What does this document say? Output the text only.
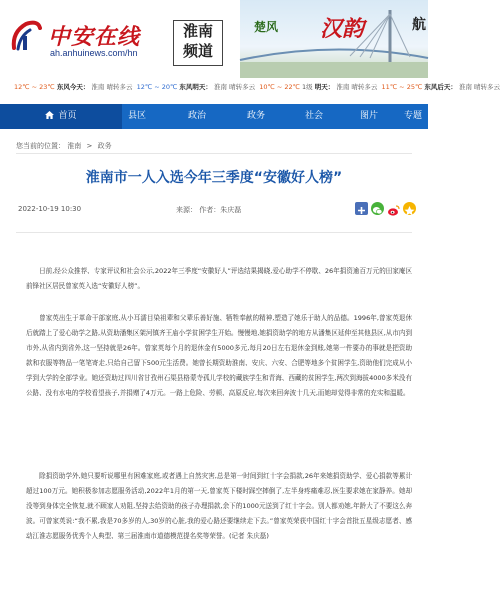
中安在线
ah.anhuinews.com/hn
淮南
频道
楚风 汉韵	航
12℃ ~ 23℃ 东风今天： 淮南 晴转多云 12℃ ~ 20℃ 东风明天： 淮南 晴转多云 10℃ ~ 22℃ 1级 明天： 淮南 晴转多云 11℃ ~ 25℃ 东风后天： 淮南 晴转多云
首页	县区	政治	政务	社会	图片	专题
您当前的位置： 淮南 > 政务
淮南市一人入选今年三季度“安徽好人榜”
2022-10-19 10:30	来源： 作者：朱庆磊
日前,经公众推荐、专家评议和社会公示,2022年三季度“安徽好人”评选结果揭晓,爱心助学不停歇、26年捐资逾百万元的田家庵区前锋社区居民曾家英入选“安徽好人榜”。
曾家英出生于革命干部家庭,从小耳濡目染祖辈和父辈乐善好施、牺牲奉献的精神,塑造了她乐于助人的品德。1996年,曾家英退休后就踏上了爱心助学之路,从资助潘集区架河镇齐王庙小学贫困学生开始。慢慢地,她捐资助学的地方从潘集区延伸至其他县区,从市内到市外,从省内到省外,这一坚持就是26年。曾家英每个月的退休金有5000多元,每月20日左右退休金到账,她第一件要办的事就是把资助款和衣服等物品一笔笔寄走,只给自己留下500元生活费。她曾长期资助淮南、安庆、六安、合肥等地多个贫困学生,资助他们完成从小学到大学的全部学业。她还资助过四川省甘孜州石渠县格蒙寺孤儿学校的藏族学生和青海、西藏的贫困学生,两次到海拔4000多米没有公路、没有水电的学校看望孩子,并捐赠了4万元。一路上危险、劳顿、高原反应,每次来回奔波十几天,而她却觉得非常的充实和温暖。
除捐资助学外,她只要听说哪里有困难家庭,或者遇上自然灾害,总是第一时间到红十字会捐款,26年来她捐资助学、爱心捐款等累计超过100万元。她积极参加志愿服务活动,2022年1月的第一天,曾家英下楼时踩空摔倒了,左半身疼痛难忍,医生要求她在家静养。她却没等到身体完全恢复,就不顾家人劝阻,坚持去给资助的孩子办理捐款,余下的1000元送到了红十字会。别人都劝她,年龄大了不要这么奔波。可曾家英说:“我不累,我是70多岁的人,30岁的心脏,我的爱心路还要继续走下去。”曾家英荣获中国红十字会首批五星级志愿者、感动江淮志愿服务优秀个人典型、第三届淮南市道德模范提名奖等荣誉。(记者 朱庆磊)
